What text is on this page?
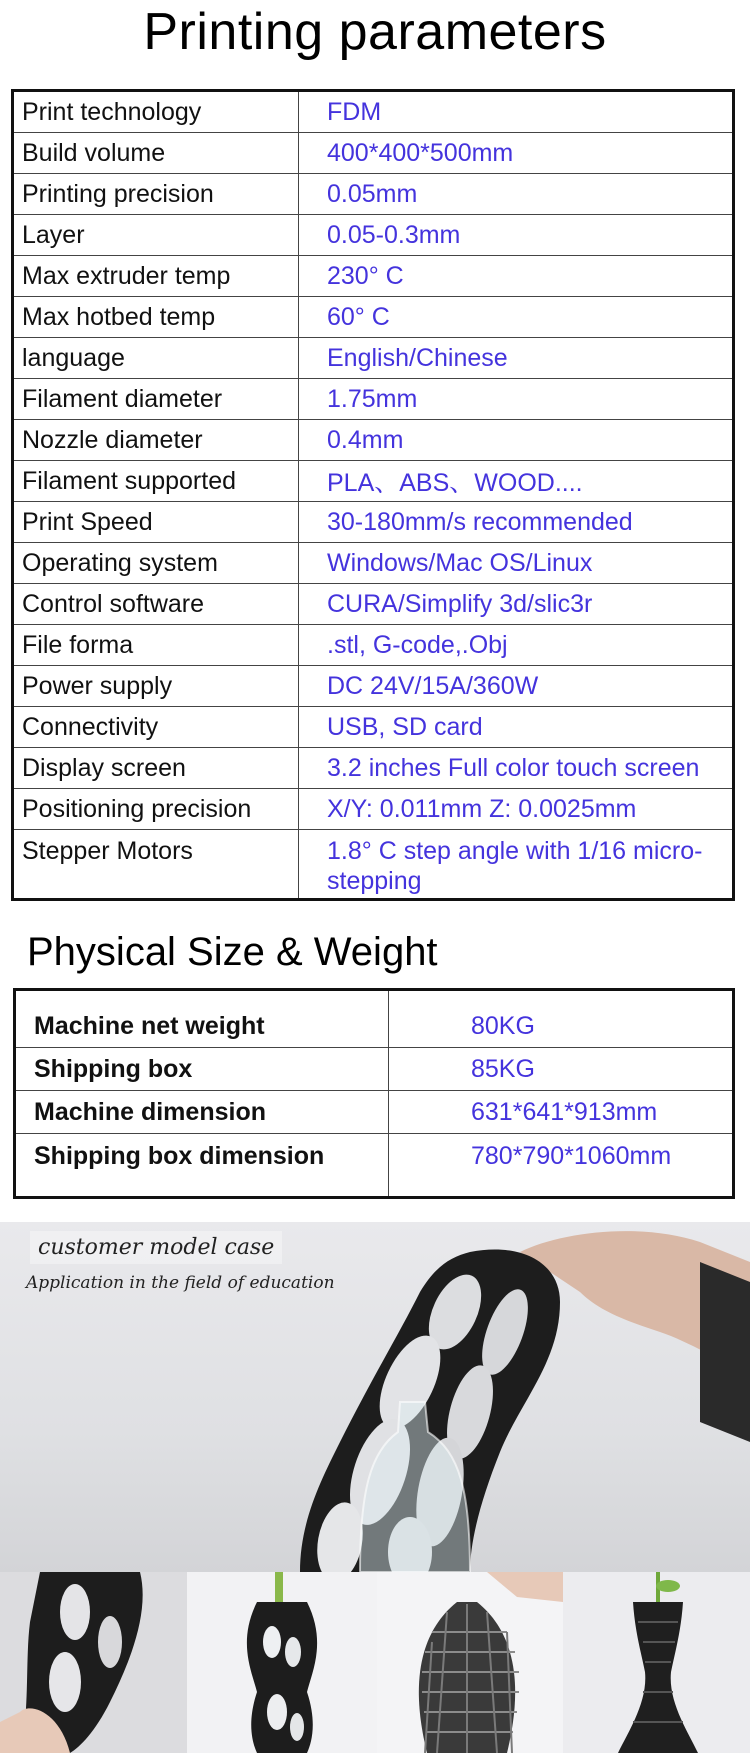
Printing parameters
Print technology	FDM
Build volume	400*400*500mm
Printing precision	0.05mm
Layer	0.05-0.3mm
Max extruder temp	230° C
Max hotbed temp	60° C
language	English/Chinese
Filament diameter	1.75mm
Nozzle diameter	0.4mm
Filament supported	PLA、ABS、WOOD....
Print Speed	30-180mm/s recommended
Operating system	Windows/Mac OS/Linux
Control software	CURA/Simplify 3d/slic3r
File forma	.stl, G-code,.Obj
Power supply	DC 24V/15A/360W
Connectivity	USB, SD card
Display screen	3.2 inches Full color touch screen
Positioning precision	X/Y: 0.011mm Z: 0.0025mm
Stepper Motors	1.8° C step angle with 1/16 micro-stepping
Physical Size & Weight
Machine net weight	80KG
Shipping box	85KG
Machine dimension	631*641*913mm
Shipping box dimension	780*790*1060mm
customer model case
Application in the field of education
